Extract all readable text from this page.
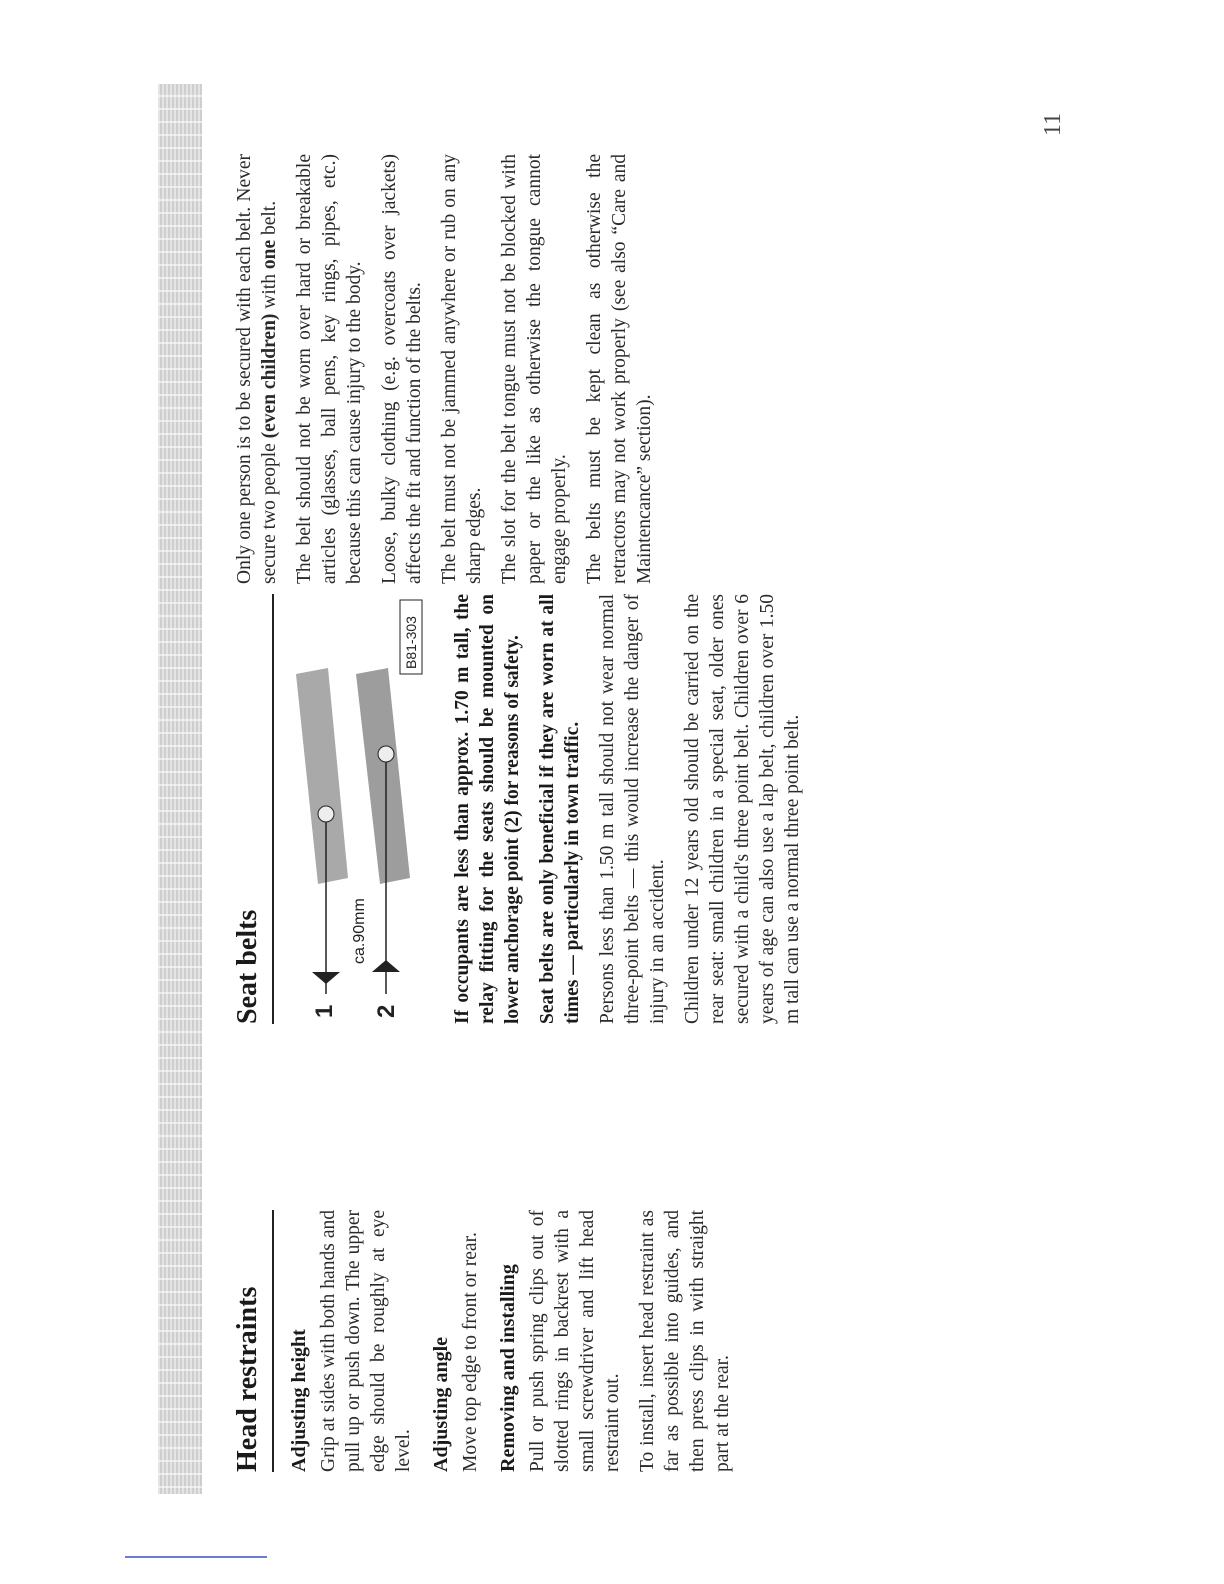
11
Head restraints Adjusting height Grip at sides with both hands and pull up or push down. The upper edge should be roughly at eye level. Adjusting angle Move top edge to front or rear. Removing and installing Pull or push spring clips out of slotted rings in backrest with a small screwdriver and lift head restraint out. To install, insert head restraint as far as possible into guides, and then press clips in with straight part at the rear.

Seat belts 1 2
ca.90mm
B81-303 If occupants are less than approx. 1.70 m tall, the relay fitting for the seats should be mounted on lower anchorage point (2) for reasons of safety. Seat belts are only beneficial if they are worn at all times — particularly in town traffic. Persons less than 1.50 m tall should not wear normal three-point belts — this would increase the danger of injury in an accident. Children under 12 years old should be carried on the rear seat: small children in a special seat, older ones secured with a child's three point belt. Children over 6 years of age can also use a lap belt, children over 1.50 m tall can use a normal three point belt.

Only one person is to be secured with each belt. Never secure two people (even children) with one belt. The belt should not be worn over hard or breakable articles (glasses, ball pens, key rings, pipes, etc.) because this can cause injury to the body. Loose, bulky clothing (e.g. overcoats over jackets) affects the fit and function of the belts. The belt must not be jammed anywhere or rub on any sharp edges. The slot for the belt tongue must not be blocked with paper or the like as otherwise the tongue cannot engage properly. The belts must be kept clean as otherwise the retractors may not work properly (see also “Care and Maintencance” section).
